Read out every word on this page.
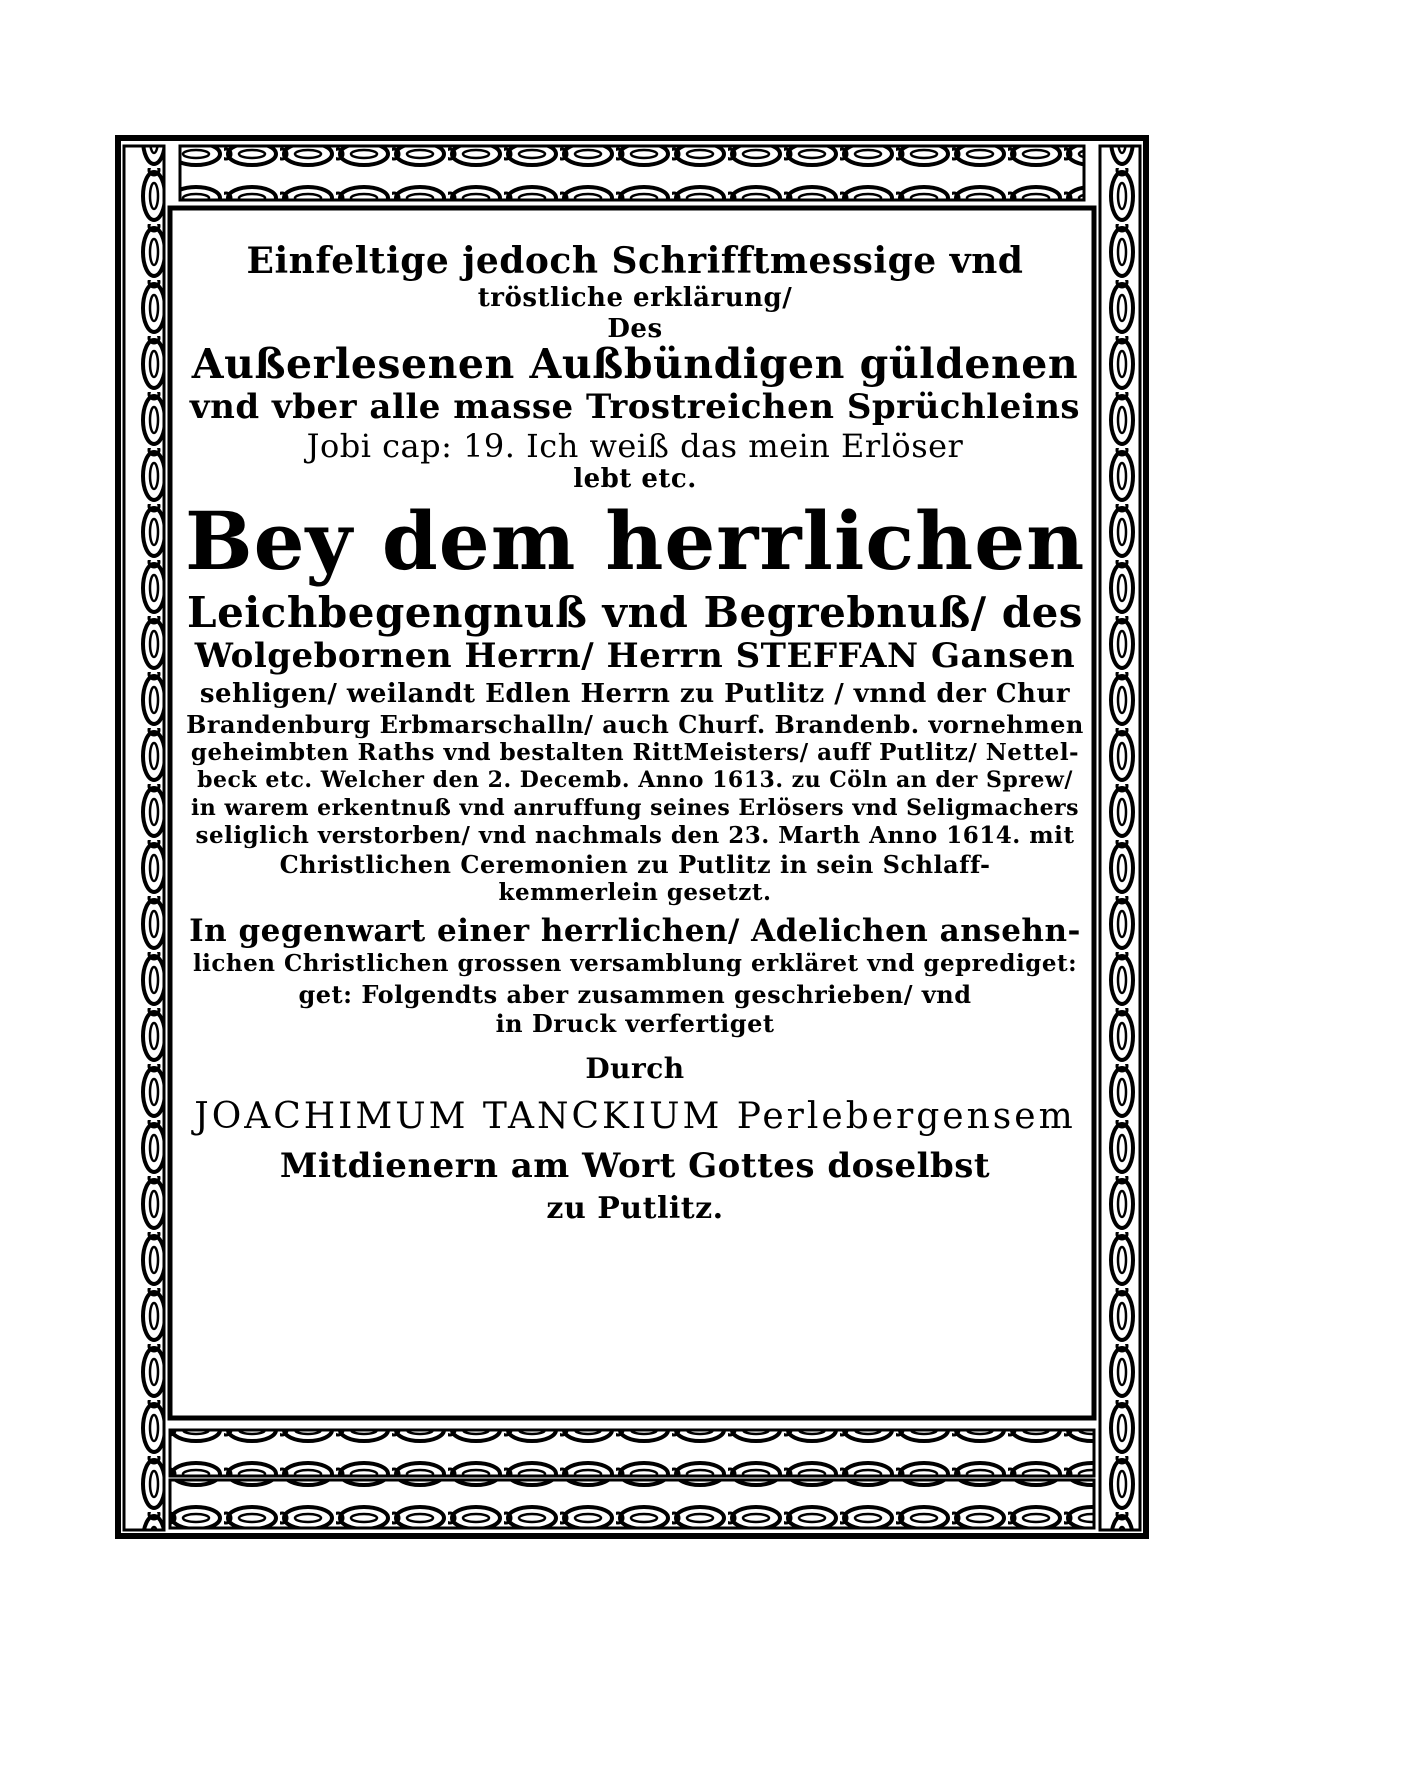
Einfeltige jedoch Schrifftmessige vnd
tröstliche erklärung/
Des
Außerlesenen Außbündigen güldenen
vnd vber alle masse Trostreichen Sprüchleins
Jobi cap: 19. Ich weiß das mein Erlöser
lebt etc.
Bey dem herrlichen
Leichbegengnuß vnd Begrebnuß/ des
Wolgebornen Herrn/ Herrn STEFFAN Gansen
sehligen/ weilandt Edlen Herrn zu Putlitz / vnnd der Chur
Brandenburg Erbmarschalln/ auch Churf. Brandenb. vornehmen
geheimbten Raths vnd bestalten RittMeisters/ auff Putlitz/ Nettel-
beck etc. Welcher den 2. Decemb. Anno 1613. zu Cöln an der Sprew/
in warem erkentnuß vnd anruffung seines Erlösers vnd Seligmachers
seliglich verstorben/ vnd nachmals den 23. Marth Anno 1614. mit
Christlichen Ceremonien zu Putlitz in sein Schlaff-
kemmerlein gesetzt.
In gegenwart einer herrlichen/ Adelichen ansehn-
lichen Christlichen grossen versamblung erkläret vnd geprediget:
get: Folgendts aber zusammen geschrieben/ vnd
in Druck verfertiget
Durch
JOACHIMUM TANCKIUM Perlebergensem
Mitdienern am Wort Gottes doselbst
zu Putlitz.
